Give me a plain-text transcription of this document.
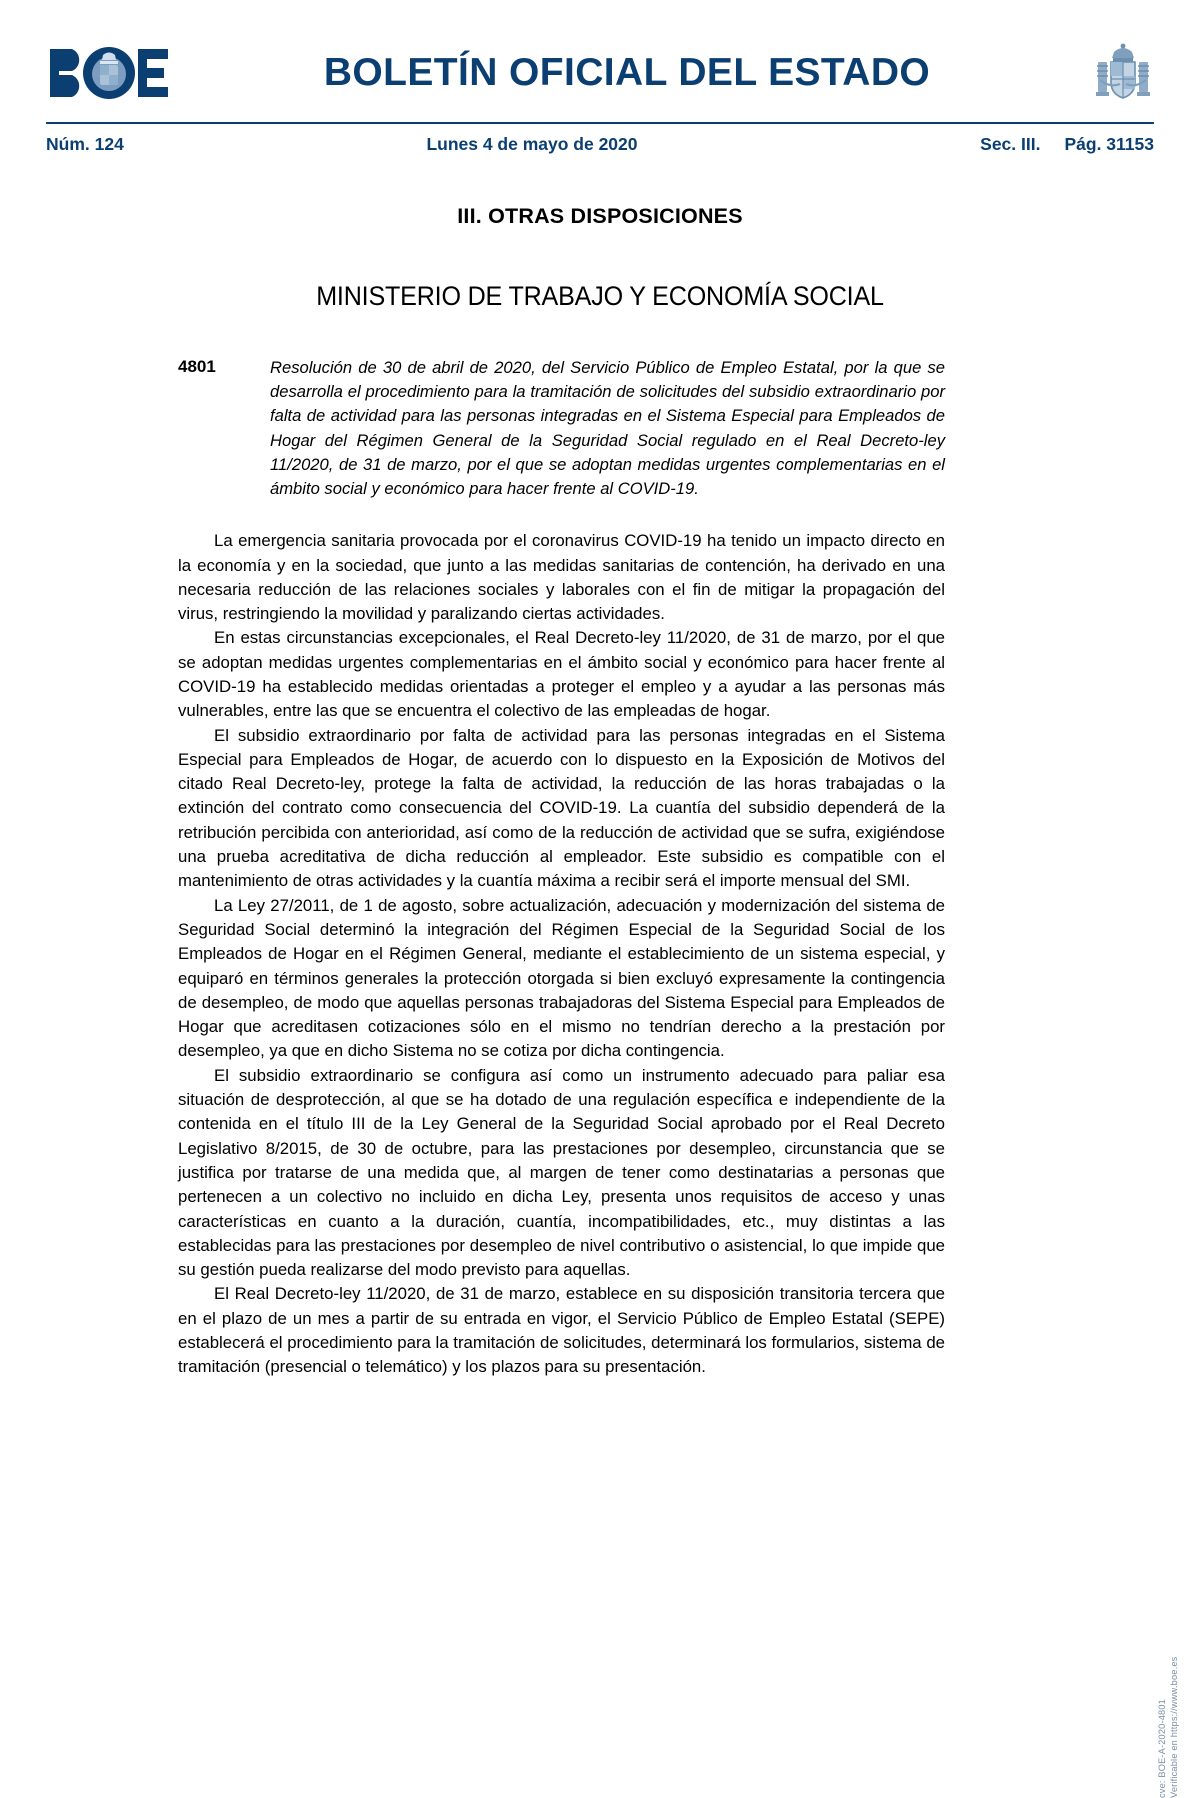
BOLETÍN OFICIAL DEL ESTADO
Núm. 124	Lunes 4 de mayo de 2020	Sec. III. Pág. 31153
III. OTRAS DISPOSICIONES
MINISTERIO DE TRABAJO Y ECONOMÍA SOCIAL
4801	Resolución de 30 de abril de 2020, del Servicio Público de Empleo Estatal, por la que se desarrolla el procedimiento para la tramitación de solicitudes del subsidio extraordinario por falta de actividad para las personas integradas en el Sistema Especial para Empleados de Hogar del Régimen General de la Seguridad Social regulado en el Real Decreto-ley 11/2020, de 31 de marzo, por el que se adoptan medidas urgentes complementarias en el ámbito social y económico para hacer frente al COVID-19.

La emergencia sanitaria provocada por el coronavirus COVID-19 ha tenido un impacto directo en la economía y en la sociedad, que junto a las medidas sanitarias de contención, ha derivado en una necesaria reducción de las relaciones sociales y laborales con el fin de mitigar la propagación del virus, restringiendo la movilidad y paralizando ciertas actividades.

En estas circunstancias excepcionales, el Real Decreto-ley 11/2020, de 31 de marzo, por el que se adoptan medidas urgentes complementarias en el ámbito social y económico para hacer frente al COVID-19 ha establecido medidas orientadas a proteger el empleo y a ayudar a las personas más vulnerables, entre las que se encuentra el colectivo de las empleadas de hogar.

El subsidio extraordinario por falta de actividad para las personas integradas en el Sistema Especial para Empleados de Hogar, de acuerdo con lo dispuesto en la Exposición de Motivos del citado Real Decreto-ley, protege la falta de actividad, la reducción de las horas trabajadas o la extinción del contrato como consecuencia del COVID-19. La cuantía del subsidio dependerá de la retribución percibida con anterioridad, así como de la reducción de actividad que se sufra, exigiéndose una prueba acreditativa de dicha reducción al empleador. Este subsidio es compatible con el mantenimiento de otras actividades y la cuantía máxima a recibir será el importe mensual del SMI.

La Ley 27/2011, de 1 de agosto, sobre actualización, adecuación y modernización del sistema de Seguridad Social determinó la integración del Régimen Especial de la Seguridad Social de los Empleados de Hogar en el Régimen General, mediante el establecimiento de un sistema especial, y equiparó en términos generales la protección otorgada si bien excluyó expresamente la contingencia de desempleo, de modo que aquellas personas trabajadoras del Sistema Especial para Empleados de Hogar que acreditasen cotizaciones sólo en el mismo no tendrían derecho a la prestación por desempleo, ya que en dicho Sistema no se cotiza por dicha contingencia.

El subsidio extraordinario se configura así como un instrumento adecuado para paliar esa situación de desprotección, al que se ha dotado de una regulación específica e independiente de la contenida en el título III de la Ley General de la Seguridad Social aprobado por el Real Decreto Legislativo 8/2015, de 30 de octubre, para las prestaciones por desempleo, circunstancia que se justifica por tratarse de una medida que, al margen de tener como destinatarias a personas que pertenecen a un colectivo no incluido en dicha Ley, presenta unos requisitos de acceso y unas características en cuanto a la duración, cuantía, incompatibilidades, etc., muy distintas a las establecidas para las prestaciones por desempleo de nivel contributivo o asistencial, lo que impide que su gestión pueda realizarse del modo previsto para aquellas.

El Real Decreto-ley 11/2020, de 31 de marzo, establece en su disposición transitoria tercera que en el plazo de un mes a partir de su entrada en vigor, el Servicio Público de Empleo Estatal (SEPE) establecerá el procedimiento para la tramitación de solicitudes, determinará los formularios, sistema de tramitación (presencial o telemático) y los plazos para su presentación.

cve: BOE-A-2020-4801 Verificable en https://www.boe.es
